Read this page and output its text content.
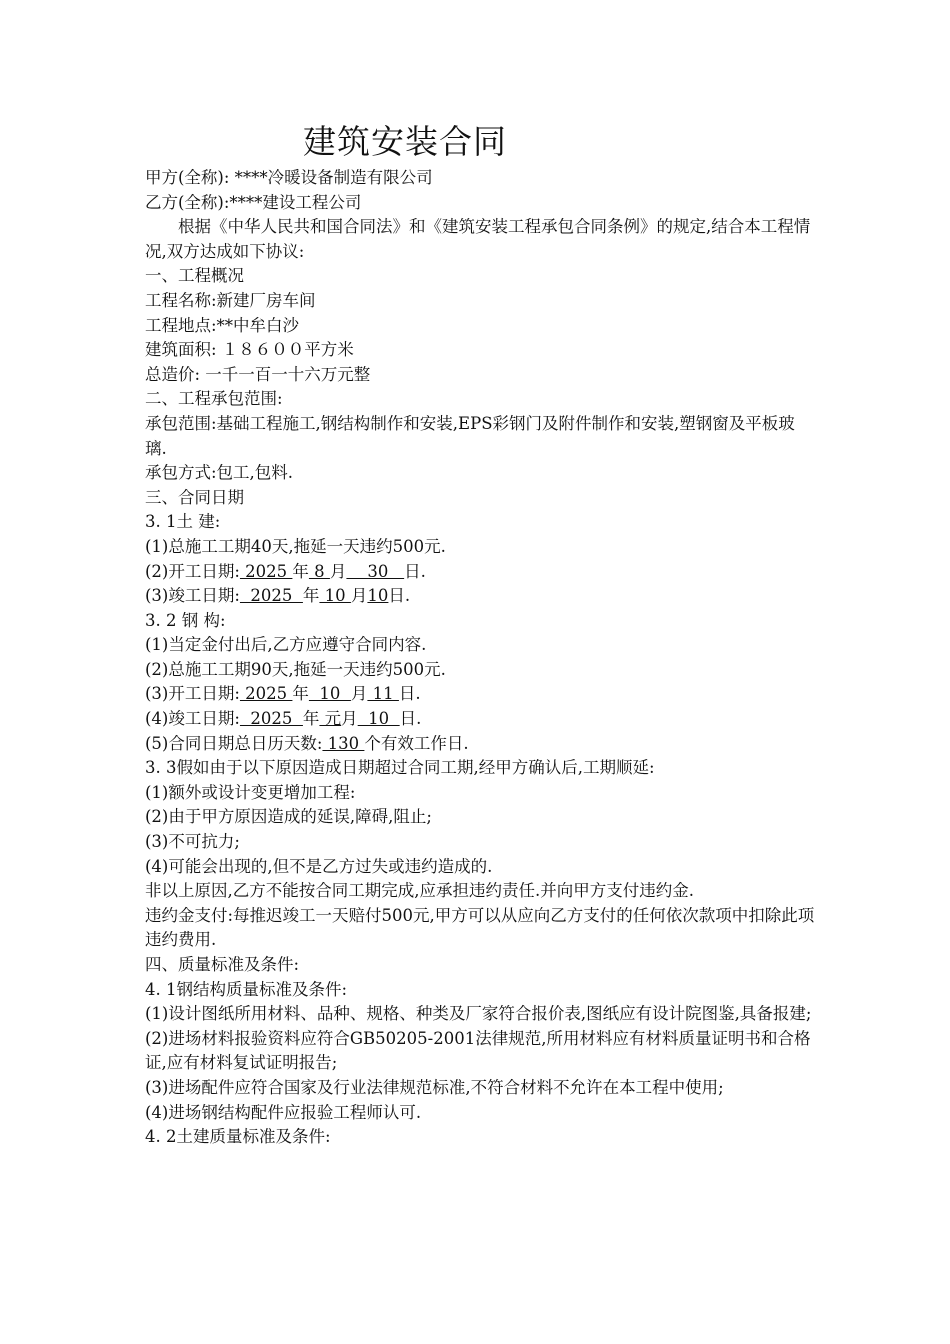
建筑安装合同

甲方(全称): ****冷暖设备制造有限公司

乙方(全称):****建设工程公司

根据《中华人民共和国合同法》和《建筑安装工程承包合同条例》的规定,结合本工程情况,双方达成如下协议:

一、工程概况

工程名称:新建厂房车间

工程地点:**中牟白沙

建筑面积: １８６００平方米

总造价: 一千一百一十六万元整

二、工程承包范围:

承包范围:基础工程施工,钢结构制作和安装,EPS彩钢门及附件制作和安装,塑钢窗及平板玻璃.

承包方式:包工,包料.

三、合同日期

3. 1土 建:

(1)总施工工期40天,拖延一天违约500元.

(2)开工日期: 2025 年 8 月    30   日.

(3)竣工日期:  2025  年 10 月10日.

3. 2 钢 构:

(1)当定金付出后,乙方应遵守合同内容.

(2)总施工工期90天,拖延一天违约500元.

(3)开工日期: 2025 年  10  月 11 日.

(4)竣工日期:  2025  年 元月  10  日.

(5)合同日期总日历天数: 130 个有效工作日.

3. 3假如由于以下原因造成日期超过合同工期,经甲方确认后,工期顺延:

(1)额外或设计变更增加工程:

(2)由于甲方原因造成的延误,障碍,阻止;

(3)不可抗力;

(4)可能会出现的,但不是乙方过失或违约造成的.

非以上原因,乙方不能按合同工期完成,应承担违约责任.并向甲方支付违约金.

违约金支付:每推迟竣工一天赔付500元,甲方可以从应向乙方支付的任何依次款项中扣除此项违约费用.

四、质量标准及条件:

4. 1钢结构质量标准及条件:

(1)设计图纸所用材料、品种、规格、种类及厂家符合报价表,图纸应有设计院图鉴,具备报建;

(2)进场材料报验资料应符合GB50205-2001法律规范,所用材料应有材料质量证明书和合格证,应有材料复试证明报告;

(3)进场配件应符合国家及行业法律规范标准,不符合材料不允许在本工程中使用;

(4)进场钢结构配件应报验工程师认可.

4. 2土建质量标准及条件:
